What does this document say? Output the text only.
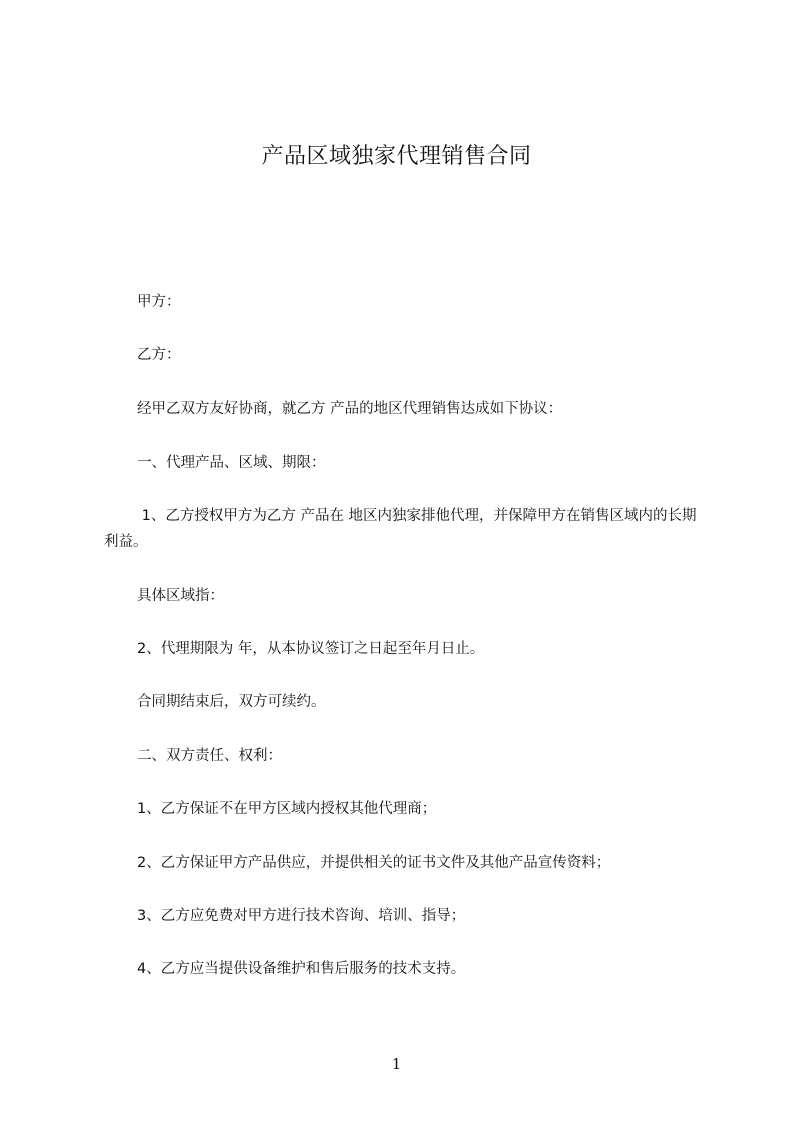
产品区域独家代理销售合同
甲方：
乙方：
经甲乙双方友好协商，就乙方 产品的地区代理销售达成如下协议：
一、代理产品、区域、期限：
1、乙方授权甲方为乙方 产品在 地区内独家排他代理，并保障甲方在销售区域内的长期利益。
具体区域指：
2、代理期限为 年，从本协议签订之日起至年月日止。
合同期结束后，双方可续约。
二、双方责任、权利：
1、乙方保证不在甲方区域内授权其他代理商；
2、乙方保证甲方产品供应，并提供相关的证书文件及其他产品宣传资料；
3、乙方应免费对甲方进行技术咨询、培训、指导；
4、乙方应当提供设备维护和售后服务的技术支持。
1
